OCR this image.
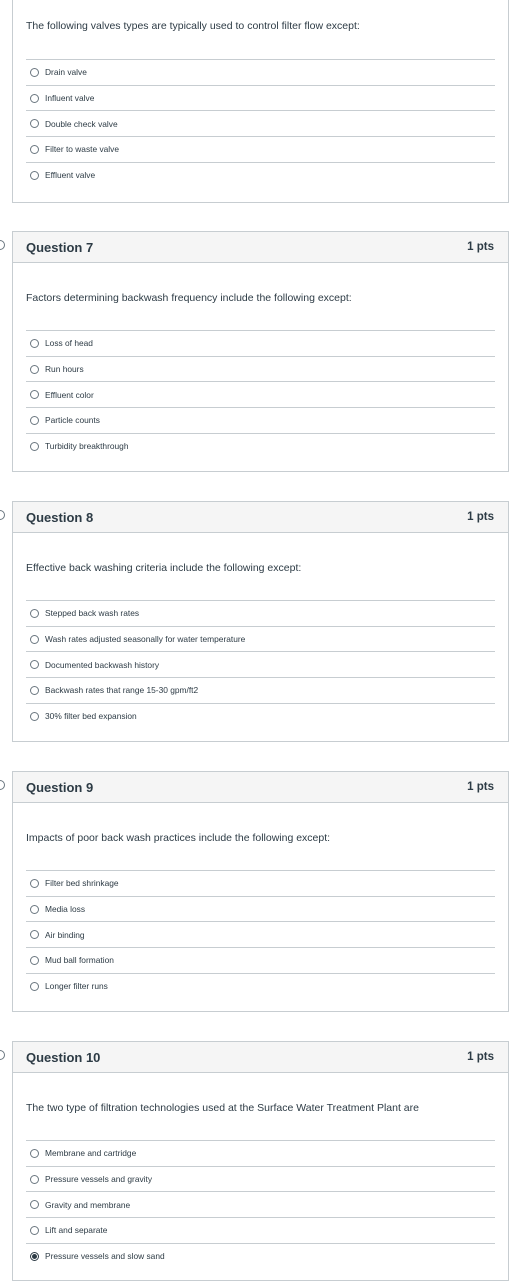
The following valves types are typically used to control filter flow except:
Drain valve
Influent valve
Double check valve
Filter to waste valve
Effluent valve
Question 7	1 pts
Factors determining backwash frequency include the following except:
Loss of head
Run hours
Effluent color
Particle counts
Turbidity breakthrough
Question 8	1 pts
Effective back washing criteria include the following except:
Stepped back wash rates
Wash rates adjusted seasonally for water temperature
Documented backwash history
Backwash rates that range 15-30 gpm/ft2
30% filter bed expansion
Question 9	1 pts
Impacts of poor back wash practices include the following except:
Filter bed shrinkage
Media loss
Air binding
Mud ball formation
Longer filter runs
Question 10	1 pts
The two type of filtration technologies used at the Surface Water Treatment Plant are
Membrane and cartridge
Pressure vessels and gravity
Gravity and membrane
Lift and separate
Pressure vessels and slow sand
